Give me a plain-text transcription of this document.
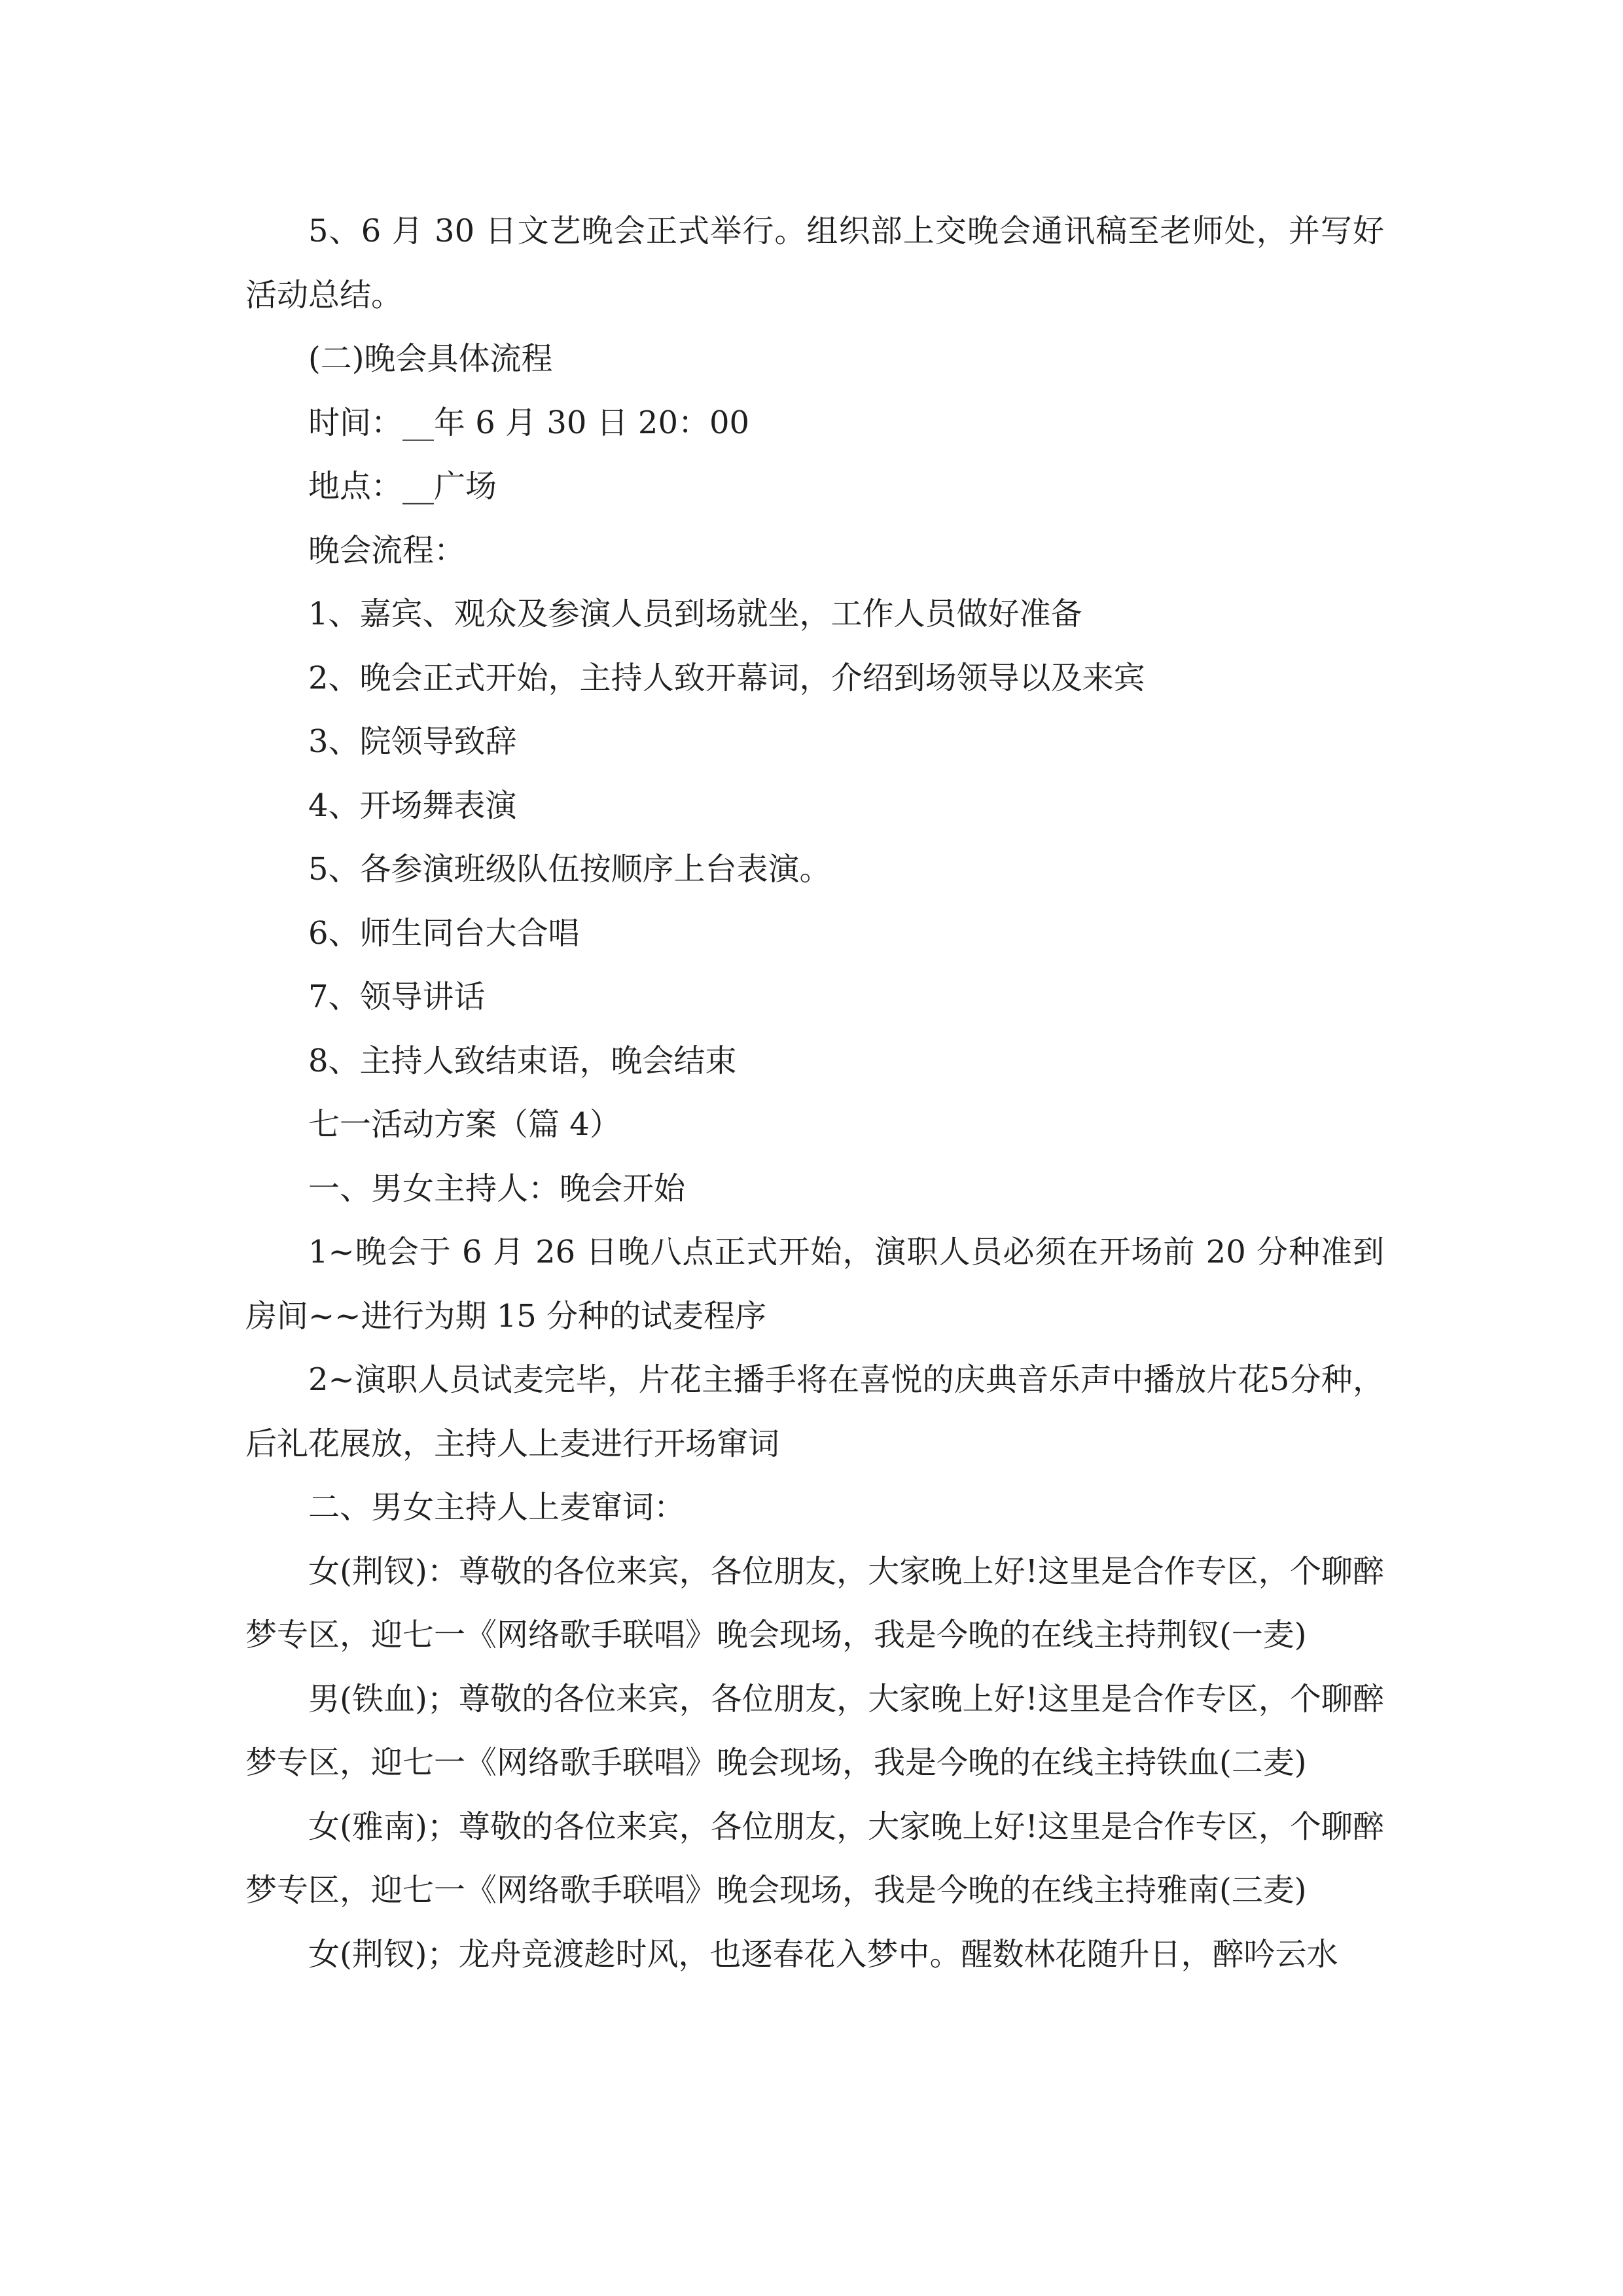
5、6 月 30 日文艺晚会正式举行。组织部上交晚会通讯稿至老师处，并写好活动总结。

(二)晚会具体流程

时间：__年 6 月 30 日 20：00

地点：__广场

晚会流程：

1、嘉宾、观众及参演人员到场就坐，工作人员做好准备

2、晚会正式开始，主持人致开幕词，介绍到场领导以及来宾

3、院领导致辞

4、开场舞表演

5、各参演班级队伍按顺序上台表演。

6、师生同台大合唱

7、领导讲话

8、主持人致结束语，晚会结束

七一活动方案（篇 4）

一、男女主持人：晚会开始

1~晚会于 6 月 26 日晚八点正式开始，演职人员必须在开场前 20 分种准到房间~~进行为期 15 分种的试麦程序

2~演职人员试麦完毕，片花主播手将在喜悦的庆典音乐声中播放片花5分种，后礼花展放，主持人上麦进行开场窜词

二、男女主持人上麦窜词：

女(荆钗)：尊敬的各位来宾，各位朋友，大家晚上好!这里是合作专区，个聊醉梦专区，迎七一《网络歌手联唱》晚会现场，我是今晚的在线主持荆钗(一麦)

男(铁血)；尊敬的各位来宾，各位朋友，大家晚上好!这里是合作专区，个聊醉梦专区，迎七一《网络歌手联唱》晚会现场，我是今晚的在线主持铁血(二麦)

女(雅南)；尊敬的各位来宾，各位朋友，大家晚上好!这里是合作专区，个聊醉梦专区，迎七一《网络歌手联唱》晚会现场，我是今晚的在线主持雅南(三麦)

女(荆钗)；龙舟竞渡趁时风，也逐春花入梦中。醒数林花随升日，醉吟云水
